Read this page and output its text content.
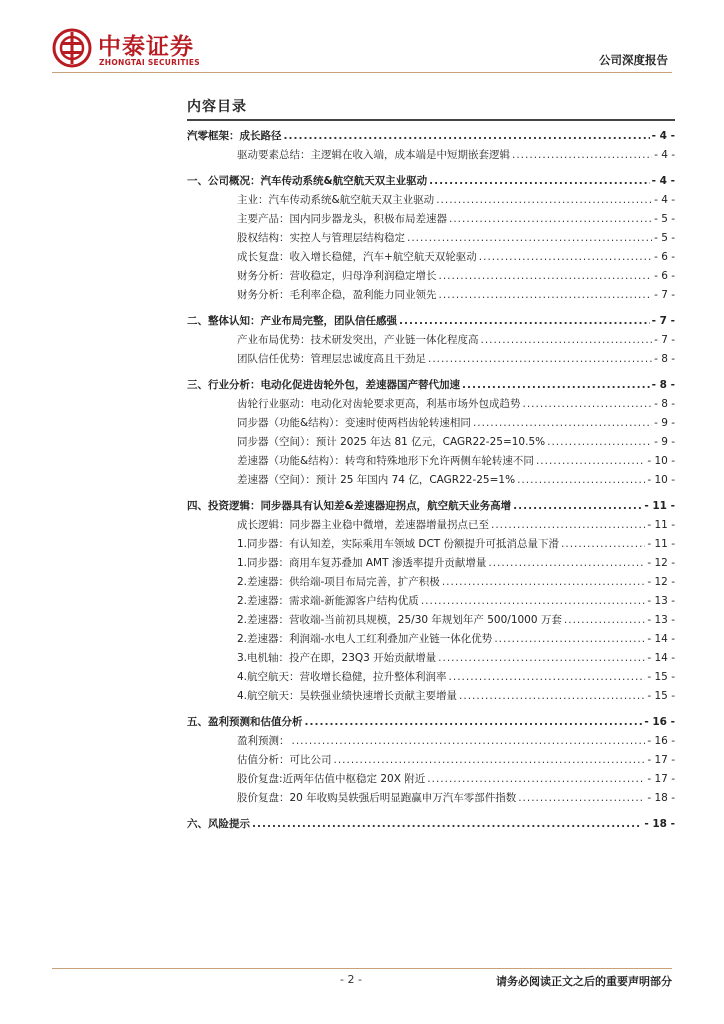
中泰证券
ZHONGTAI SECURITIES	公司深度报告
内容目录
汽零框架：成长路径 .....	- 4 -
驱动要素总结：主逻辑在收入端，成本端是中短期嵌套逻辑 .....	- 4 -
一、公司概况：汽车传动系统&航空航天双主业驱动 .....	- 4 -
主业：汽车传动系统&航空航天双主业驱动 .....	- 4 -
主要产品：国内同步器龙头，积极布局差速器 .....	- 5 -
股权结构：实控人与管理层结构稳定 .....	- 5 -
成长复盘：收入增长稳健，汽车+航空航天双轮驱动 .....	- 6 -
财务分析：营收稳定，归母净利润稳定增长 .....	- 6 -
财务分析：毛利率企稳，盈利能力同业领先 .....	- 7 -
二、整体认知：产业布局完整，团队信任感强 .....	- 7 -
产业布局优势：技术研发突出，产业链一体化程度高 .....	- 7 -
团队信任优势：管理层忠诚度高且干劲足 .....	- 8 -
三、行业分析：电动化促进齿轮外包，差速器国产替代加速 .....	- 8 -
齿轮行业驱动：电动化对齿轮要求更高，利基市场外包成趋势 .....	- 8 -
同步器（功能&结构）：变速时使两档齿轮转速相同 .....	- 9 -
同步器（空间）：预计 2025 年达 81 亿元，CAGR22-25=10.5% .....	- 9 -
差速器（功能&结构）：转弯和特殊地形下允许两侧车轮转速不同 .....	- 10 -
差速器（空间）：预计 25 年国内 74 亿，CAGR22-25=1% .....	- 10 -
四、投资逻辑：同步器具有认知差&差速器迎拐点，航空航天业务高增 .....	- 11 -
成长逻辑：同步器主业稳中微增，差速器增量拐点已至 .....	- 11 -
1.同步器：有认知差，实际乘用车领域 DCT 份额提升可抵消总量下滑 .....	- 11 -
1.同步器：商用车复苏叠加 AMT 渗透率提升贡献增量 .....	- 12 -
2.差速器：供给端-项目布局完善，扩产积极 .....	- 12 -
2.差速器：需求端-新能源客户结构优质 .....	- 13 -
2.差速器：营收端-当前初具规模，25/30 年规划年产 500/1000 万套 .....	- 13 -
2.差速器：利润端-水电人工红利叠加产业链一体化优势 .....	- 14 -
3.电机轴：投产在即，23Q3 开始贡献增量 .....	- 14 -
4.航空航天：营收增长稳健，拉升整体利润率 .....	- 15 -
4.航空航天：昊轶强业绩快速增长贡献主要增量 .....	- 15 -
五、盈利预测和估值分析 .....	- 16 -
盈利预测： .....	- 16 -
估值分析：可比公司 .....	- 17 -
股价复盘:近两年估值中枢稳定 20X 附近 .....	- 17 -
股价复盘：20 年收购昊轶强后明显跑赢申万汽车零部件指数 .....	- 18 -
六、风险提示 .....	- 18 -
- 2 -	请务必阅读正文之后的重要声明部分
